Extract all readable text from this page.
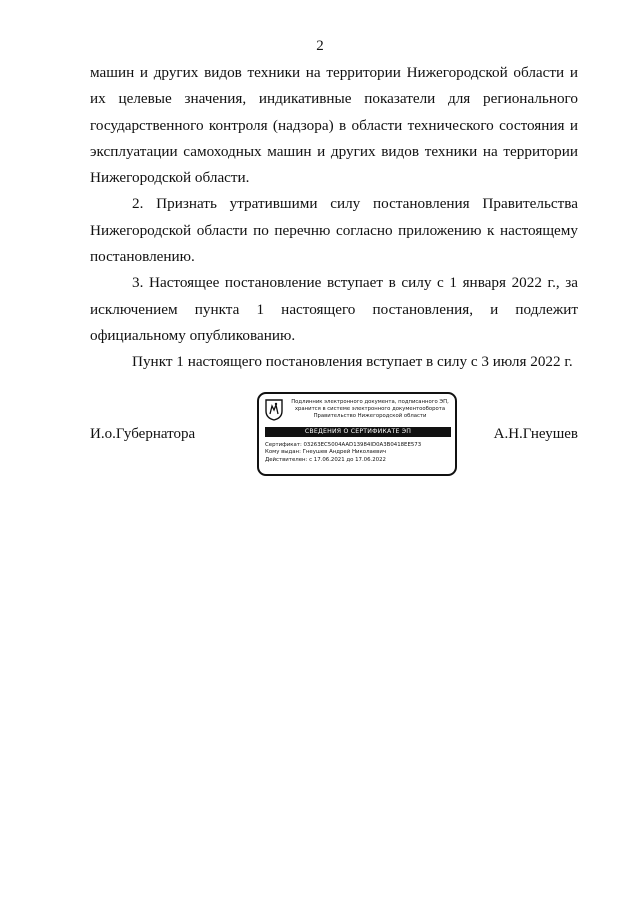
2

машин и других видов техники на территории Нижегородской области и их целевые значения, индикативные показатели для регионального государственного контроля (надзора) в области технического состояния и эксплуатации самоходных машин и других видов техники на территории Нижегородской области.

2. Признать утратившими силу постановления Правительства Нижегородской области по перечню согласно приложению к настоящему постановлению.

3. Настоящее постановление вступает в силу с 1 января 2022 г., за исключением пункта 1 настоящего постановления, и подлежит официальному опубликованию.

Пункт 1 настоящего постановления вступает в силу с 3 июля 2022 г.

И.о.Губернатора
Подлинник электронного документа, подписанного ЭП,
хранится в системе электронного документооборота
Правительство Нижегородской области
СВЕДЕНИЯ О СЕРТИФИКАТЕ ЭП
Сертификат: 03263EC5004AAD13984ID0A3B0418EE573
Кому выдан: Гнеушев Андрей Николаевич
Действителен: с 17.06.2021 до 17.06.2022
А.Н.Гнеушев
